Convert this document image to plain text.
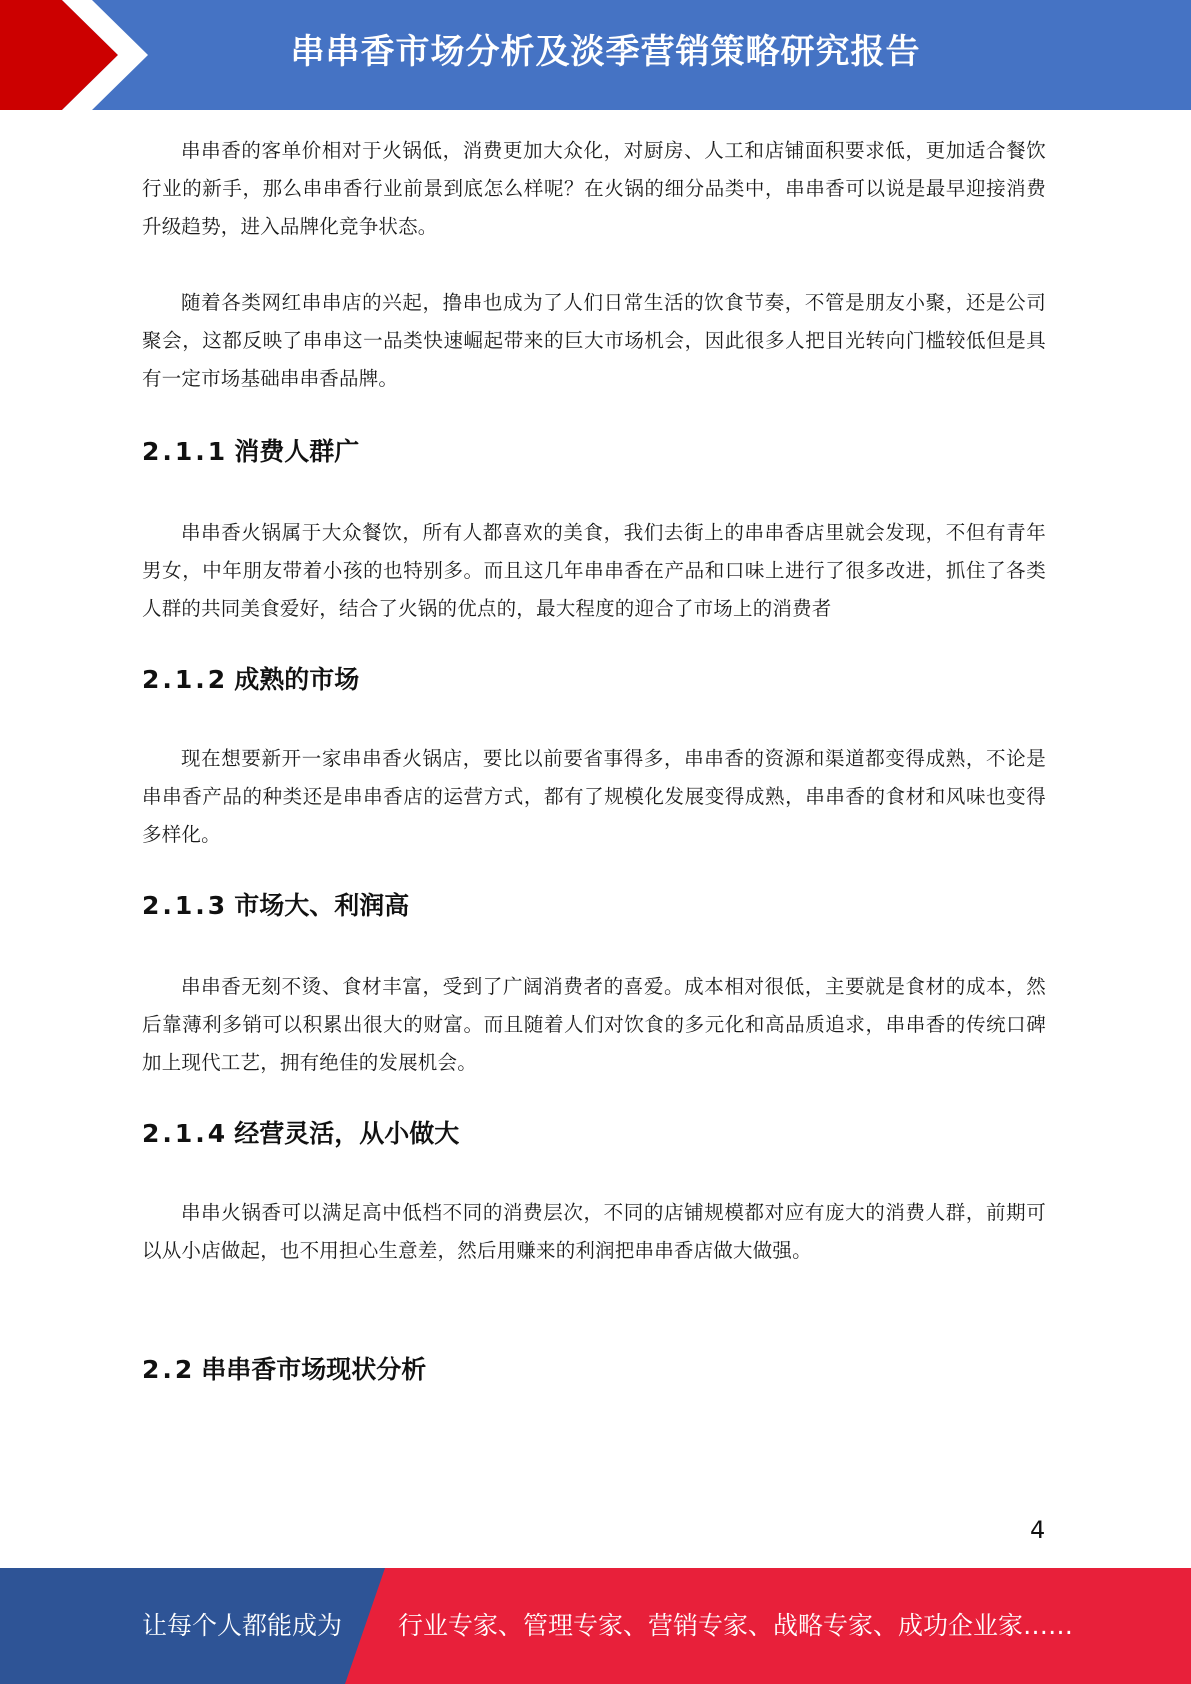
串串香市场分析及淡季营销策略研究报告

串串香的客单价相对于火锅低，消费更加大众化，对厨房、人工和店铺面积要求低，更加适合餐饮行业的新手，那么串串香行业前景到底怎么样呢？在火锅的细分品类中，串串香可以说是最早迎接消费升级趋势，进入品牌化竞争状态。

随着各类网红串串店的兴起，撸串也成为了人们日常生活的饮食节奏，不管是朋友小聚，还是公司聚会，这都反映了串串这一品类快速崛起带来的巨大市场机会，因此很多人把目光转向门槛较低但是具有一定市场基础串串香品牌。

2.1.1 消费人群广

串串香火锅属于大众餐饮，所有人都喜欢的美食，我们去街上的串串香店里就会发现，不但有青年男女，中年朋友带着小孩的也特别多。而且这几年串串香在产品和口味上进行了很多改进，抓住了各类人群的共同美食爱好，结合了火锅的优点的，最大程度的迎合了市场上的消费者

2.1.2 成熟的市场

现在想要新开一家串串香火锅店，要比以前要省事得多，串串香的资源和渠道都变得成熟，不论是串串香产品的种类还是串串香店的运营方式，都有了规模化发展变得成熟，串串香的食材和风味也变得多样化。

2.1.3 市场大、利润高

串串香无刻不烫、食材丰富，受到了广阔消费者的喜爱。成本相对很低，主要就是食材的成本，然后靠薄利多销可以积累出很大的财富。而且随着人们对饮食的多元化和高品质追求，串串香的传统口碑加上现代工艺，拥有绝佳的发展机会。

2.1.4 经营灵活，从小做大

串串火锅香可以满足高中低档不同的消费层次，不同的店铺规模都对应有庞大的消费人群，前期可以从小店做起，也不用担心生意差，然后用赚来的利润把串串香店做大做强。

2.2 串串香市场现状分析
4
让每个人都能成为 行业专家、管理专家、营销专家、战略专家、成功企业家……
